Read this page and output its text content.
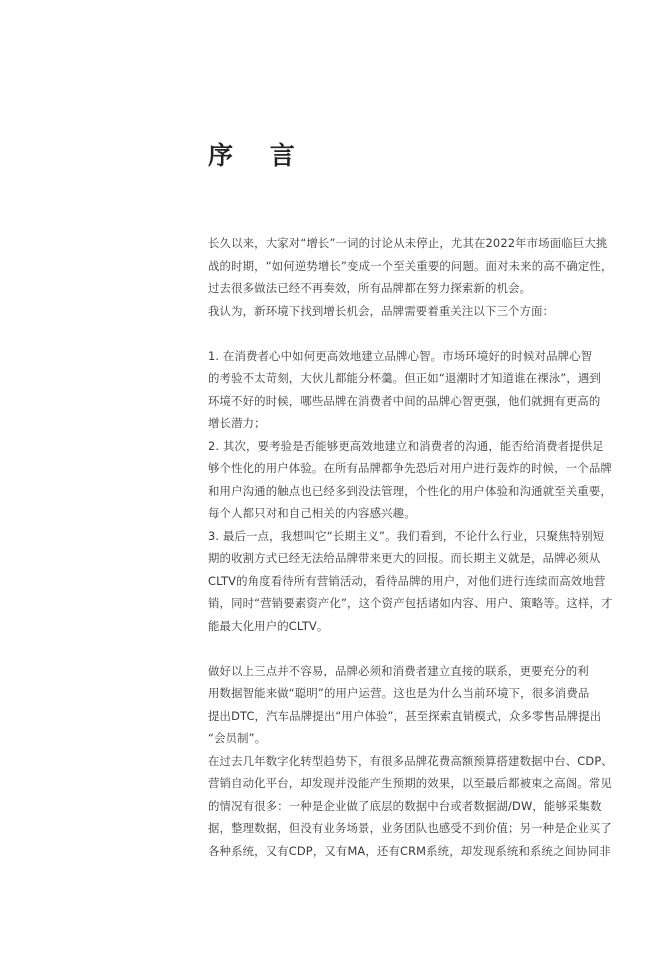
序 言
长久以来，大家对“增长”一词的讨论从未停止，尤其在2022年市场面临巨大挑
战的时期，“如何逆势增长”变成一个至关重要的问题。面对未来的高不确定性，
过去很多做法已经不再奏效，所有品牌都在努力探索新的机会。
我认为，新环境下找到增长机会，品牌需要着重关注以下三个方面：
1. 在消费者心中如何更高效地建立品牌心智。市场环境好的时候对品牌心智
的考验不太苛刻，大伙儿都能分杯羹。但正如“退潮时才知道谁在裸泳”，遇到
环境不好的时候，哪些品牌在消费者中间的品牌心智更强，他们就拥有更高的
增长潜力；
2. 其次，要考验是否能够更高效地建立和消费者的沟通，能否给消费者提供足
够个性化的用户体验。在所有品牌都争先恐后对用户进行轰炸的时候，一个品牌
和用户沟通的触点也已经多到没法管理，个性化的用户体验和沟通就至关重要，
每个人都只对和自己相关的内容感兴趣。
3. 最后一点，我想叫它“长期主义”。我们看到，不论什么行业，只聚焦特别短
期的收割方式已经无法给品牌带来更大的回报。而长期主义就是，品牌必须从
CLTV的角度看待所有营销活动，看待品牌的用户，对他们进行连续而高效地营
销，同时“营销要素资产化”，这个资产包括诸如内容、用户、策略等。这样，才
能最大化用户的CLTV。
做好以上三点并不容易，品牌必须和消费者建立直接的联系，更要充分的利
用数据智能来做“聪明”的用户运营。这也是为什么当前环境下，很多消费品
提出DTC，汽车品牌提出“用户体验”，甚至探索直销模式，众多零售品牌提出
“会员制”。
在过去几年数字化转型趋势下，有很多品牌花费高额预算搭建数据中台、CDP、
营销自动化平台，却发现并没能产生预期的效果，以至最后都被束之高阁。常见
的情况有很多：一种是企业做了底层的数据中台或者数据湖/DW，能够采集数
据，整理数据，但没有业务场景，业务团队也感受不到价值；另一种是企业买了
各种系统，又有CDP，又有MA，还有CRM系统，却发现系统和系统之间协同非
